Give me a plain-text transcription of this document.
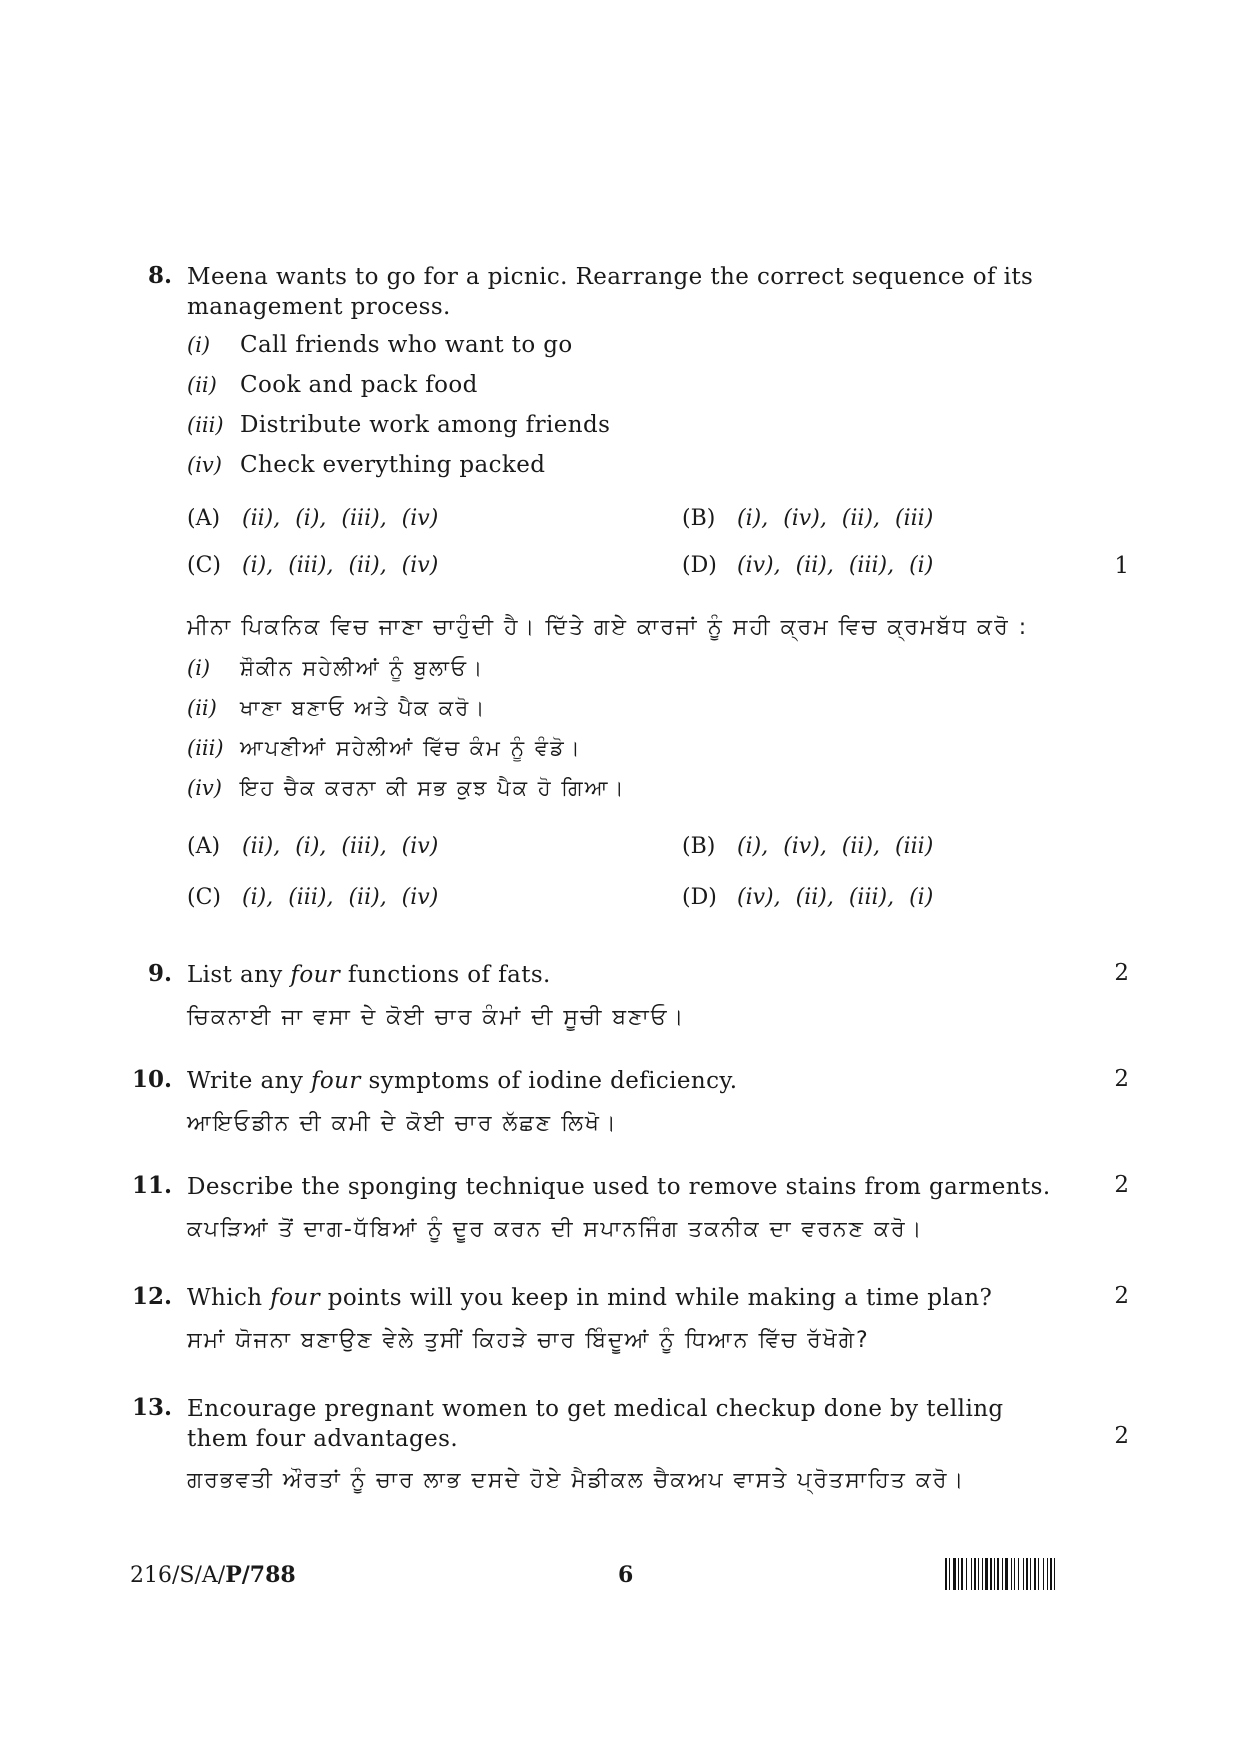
8. Meena wants to go for a picnic. Rearrange the correct sequence of its management process.
(i) Call friends who want to go
(ii) Cook and pack food
(iii) Distribute work among friends
(iv) Check everything packed
(A) (ii), (i), (iii), (iv)	(B) (i), (iv), (ii), (iii)
(C) (i), (iii), (ii), (iv)	(D) (iv), (ii), (iii), (i)	1
ਮੀਨਾ ਪਿਕਨਿਕ ਵਿਚ ਜਾਣਾ ਚਾਹੁੰਦੀ ਹੈ। ਦਿੱਤੇ ਗਏ ਕਾਰਜਾਂ ਨੂੰ ਸਹੀ ਕ੍ਰਮ ਵਿਚ ਕ੍ਰਮਬੱਧ ਕਰੋ :
(i) ਸ਼ੌਕੀਨ ਸਹੇਲੀਆਂ ਨੂੰ ਬੁਲਾਓ।
(ii) ਖਾਣਾ ਬਣਾਓ ਅਤੇ ਪੈਕ ਕਰੋ।
(iii) ਆਪਣੀਆਂ ਸਹੇਲੀਆਂ ਵਿੱਚ ਕੰਮ ਨੂੰ ਵੰਡੋ।
(iv) ਇਹ ਚੈਕ ਕਰਨਾ ਕੀ ਸਭ ਕੁਝ ਪੈਕ ਹੋ ਗਿਆ।
(A) (ii), (i), (iii), (iv)	(B) (i), (iv), (ii), (iii)
(C) (i), (iii), (ii), (iv)	(D) (iv), (ii), (iii), (i)
9. List any four functions of fats.	2
ਚਿਕਨਾਈ ਜਾ ਵਸਾ ਦੇ ਕੋਈ ਚਾਰ ਕੰਮਾਂ ਦੀ ਸੂਚੀ ਬਣਾਓ।
10. Write any four symptoms of iodine deficiency.	2
ਆਇਓਡੀਨ ਦੀ ਕਮੀ ਦੇ ਕੋਈ ਚਾਰ ਲੱਛਣ ਲਿਖੋ।
11. Describe the sponging technique used to remove stains from garments.	2
ਕਪੜਿਆਂ ਤੋਂ ਦਾਗ-ਧੱਬਿਆਂ ਨੂੰ ਦੂਰ ਕਰਨ ਦੀ ਸਪਾਨਜਿੰਗ ਤਕਨੀਕ ਦਾ ਵਰਨਣ ਕਰੋ।
12. Which four points will you keep in mind while making a time plan?	2
ਸਮਾਂ ਯੋਜਨਾ ਬਣਾਉਣ ਵੇਲੇ ਤੁਸੀਂ ਕਿਹੜੇ ਚਾਰ ਬਿੰਦੂਆਂ ਨੂੰ ਧਿਆਨ ਵਿੱਚ ਰੱਖੋਗੇ?
13. Encourage pregnant women to get medical checkup done by telling them four advantages.	2
ਗਰਭਵਤੀ ਔਰਤਾਂ ਨੂੰ ਚਾਰ ਲਾਭ ਦਸਦੇ ਹੋਏ ਮੈਡੀਕਲ ਚੈਕਅਪ ਵਾਸਤੇ ਪ੍ਰੋਤਸਾਹਿਤ ਕਰੋ।
216/S/A/P/788	6
